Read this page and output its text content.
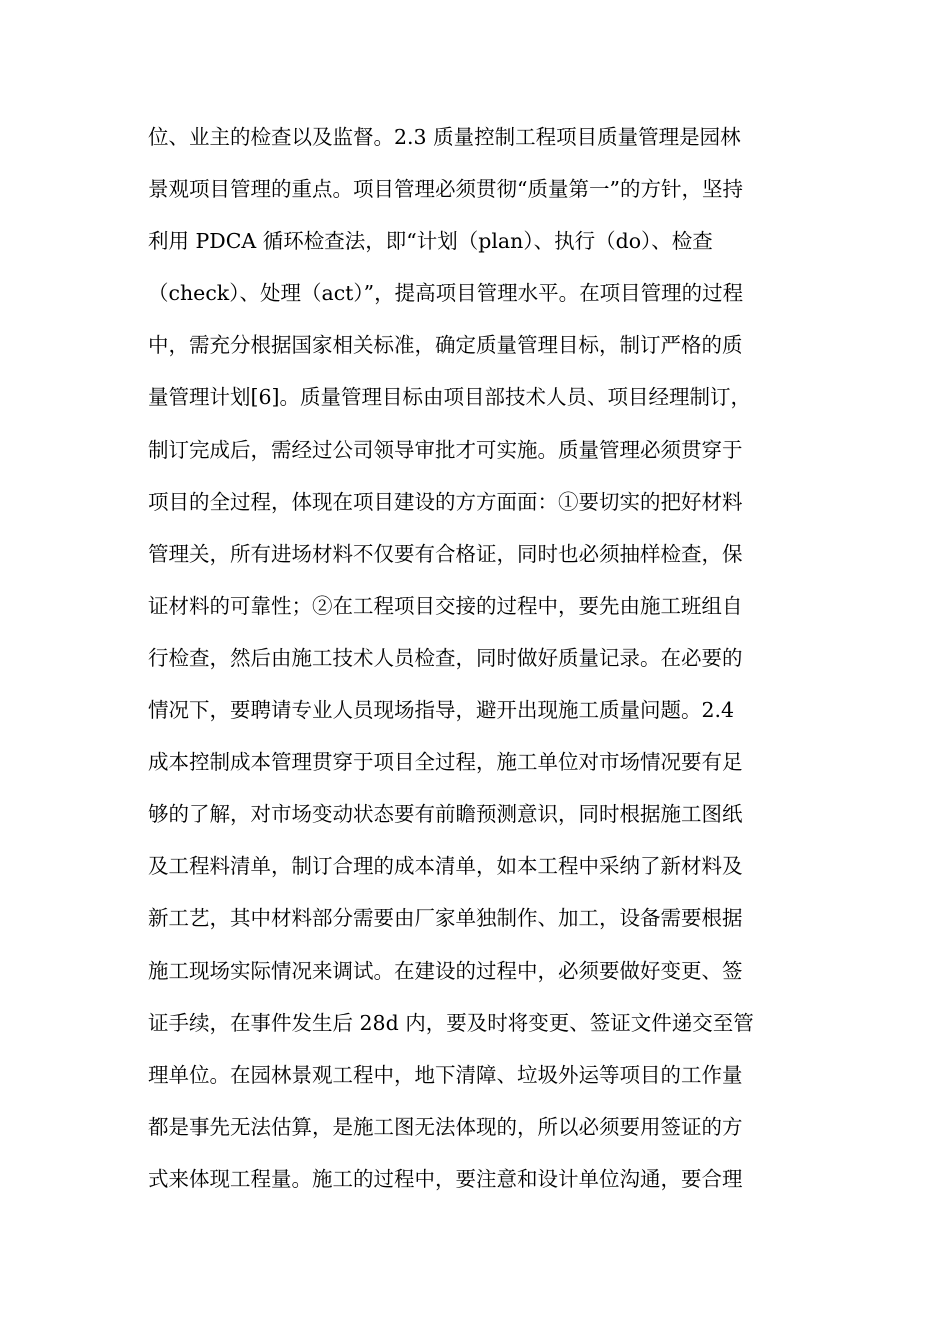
位、业主的检查以及监督。2.3 质量控制工程项目质量管理是园林
景观项目管理的重点。项目管理必须贯彻“质量第一”的方针，坚持
利用 PDCA 循环检查法，即“计划（plan）、执行（do）、检查
（check）、处理（act）”，提高项目管理水平。在项目管理的过程
中，需充分根据国家相关标准，确定质量管理目标，制订严格的质
量管理计划[6]。质量管理目标由项目部技术人员、项目经理制订，
制订完成后，需经过公司领导审批才可实施。质量管理必须贯穿于
项目的全过程，体现在项目建设的方方面面：①要切实的把好材料
管理关，所有进场材料不仅要有合格证，同时也必须抽样检查，保
证材料的可靠性；②在工程项目交接的过程中，要先由施工班组自
行检查，然后由施工技术人员检查，同时做好质量记录。在必要的
情况下，要聘请专业人员现场指导，避开出现施工质量问题。2.4
成本控制成本管理贯穿于项目全过程，施工单位对市场情况要有足
够的了解，对市场变动状态要有前瞻预测意识，同时根据施工图纸
及工程料清单，制订合理的成本清单，如本工程中采纳了新材料及
新工艺，其中材料部分需要由厂家单独制作、加工，设备需要根据
施工现场实际情况来调试。在建设的过程中，必须要做好变更、签
证手续，在事件发生后 28d 内，要及时将变更、签证文件递交至管
理单位。在园林景观工程中，地下清障、垃圾外运等项目的工作量
都是事先无法估算，是施工图无法体现的，所以必须要用签证的方
式来体现工程量。施工的过程中，要注意和设计单位沟通，要合理
